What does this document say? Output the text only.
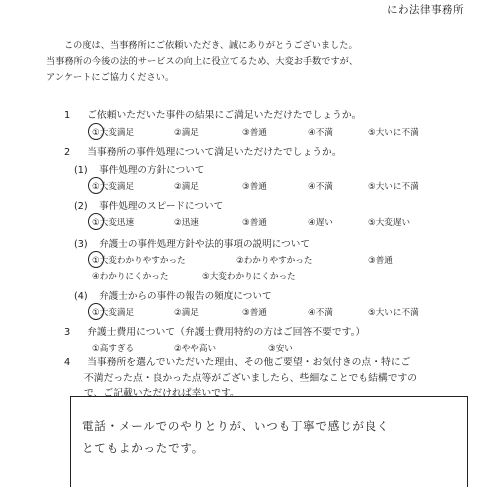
にわ法律事務所
この度は、当事務所にご依頼いただき、誠にありがとうございました。
当事務所の今後の法的サービスの向上に役立てるため、大変お手数ですが、
アンケートにご協力ください。
1 ご依頼いただいた事件の結果にご満足いただけたでしょうか。
①大変満足	②満足	③普通	④不満	⑤大いに不満
2 当事務所の事件処理について満足いただけたでしょうか。
(1) 事件処理の方針について
①大変満足	②満足	③普通	④不満	⑤大いに不満
(2) 事件処理のスピードについて
①大変迅速	②迅速	③普通	④遅い	⑤大変遅い
(3) 弁護士の事件処理方針や法的事項の説明について
①大変わかりやすかった	②わかりやすかった	③普通
④わかりにくかった	⑤大変わかりにくかった
(4) 弁護士からの事件の報告の頻度について
①大変満足	②満足	③普通	④不満	⑤大いに不満
3 弁護士費用について（弁護士費用特約の方はご回答不要です。）
①高すぎる	②やや高い	③安い
4 当事務所を選んでいただいた理由、その他ご要望・お気付きの点・特にご
不満だった点・良かった点等がございましたら、些細なことでも結構ですの
で、ご記載いただければ幸いです。
電話・メールでのやりとりが、いつも丁寧で感じが良く
とてもよかったです。
